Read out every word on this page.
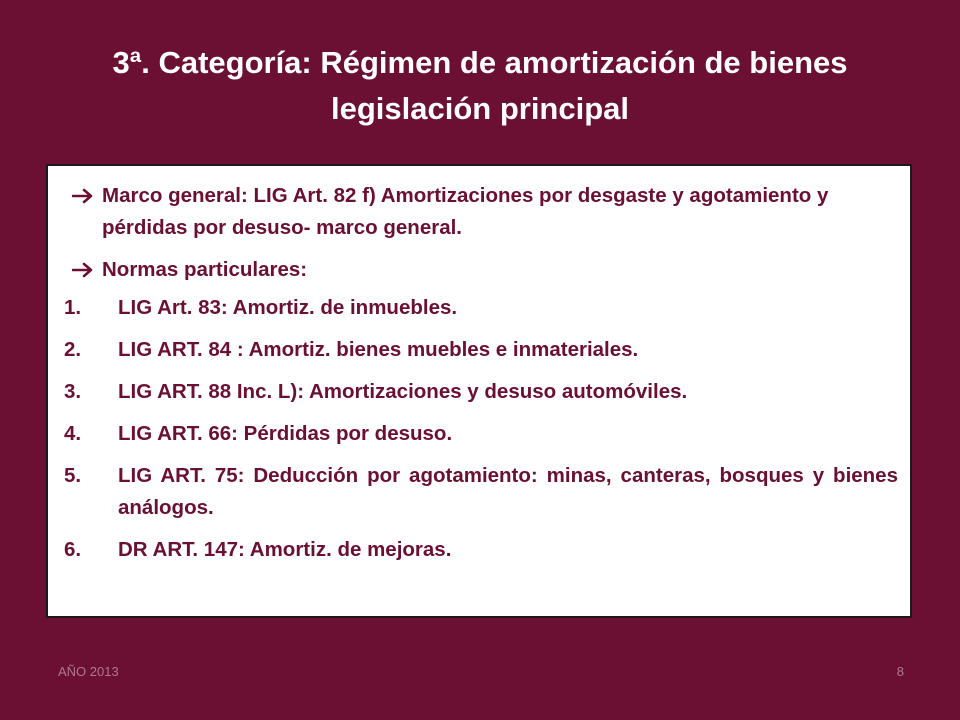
3ª. Categoría: Régimen de amortización de bienes
legislación principal
Marco general: LIG Art. 82 f) Amortizaciones por desgaste y agotamiento y pérdidas por desuso- marco general.
Normas particulares:
1. LIG Art. 83: Amortiz. de inmuebles.
2. LIG ART. 84 : Amortiz. bienes muebles e inmateriales.
3. LIG ART. 88 Inc. L): Amortizaciones y desuso automóviles.
4. LIG ART. 66: Pérdidas por desuso.
5. LIG ART. 75: Deducción por agotamiento: minas, canteras, bosques y bienes análogos.
6. DR ART. 147: Amortiz. de mejoras.
AÑO 2013	8
